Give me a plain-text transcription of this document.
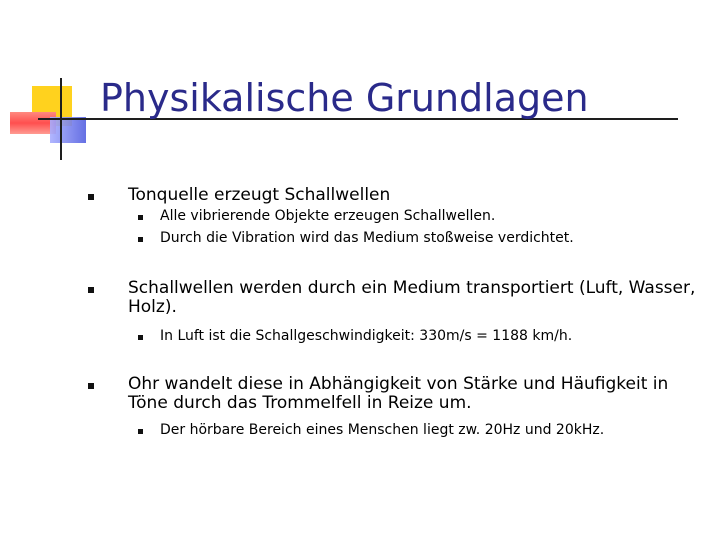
Physikalische Grundlagen
Tonquelle erzeugt Schallwellen
Alle vibrierende Objekte erzeugen Schallwellen.
Durch die Vibration wird das Medium stoßweise verdichtet.
Schallwellen werden durch ein Medium transportiert (Luft, Wasser, Holz).
In Luft ist die Schallgeschwindigkeit: 330m/s = 1188 km/h.
Ohr wandelt diese in Abhängigkeit von Stärke und Häufigkeit in Töne durch das Trommelfell in Reize um.
Der hörbare Bereich eines Menschen liegt zw. 20Hz und 20kHz.
